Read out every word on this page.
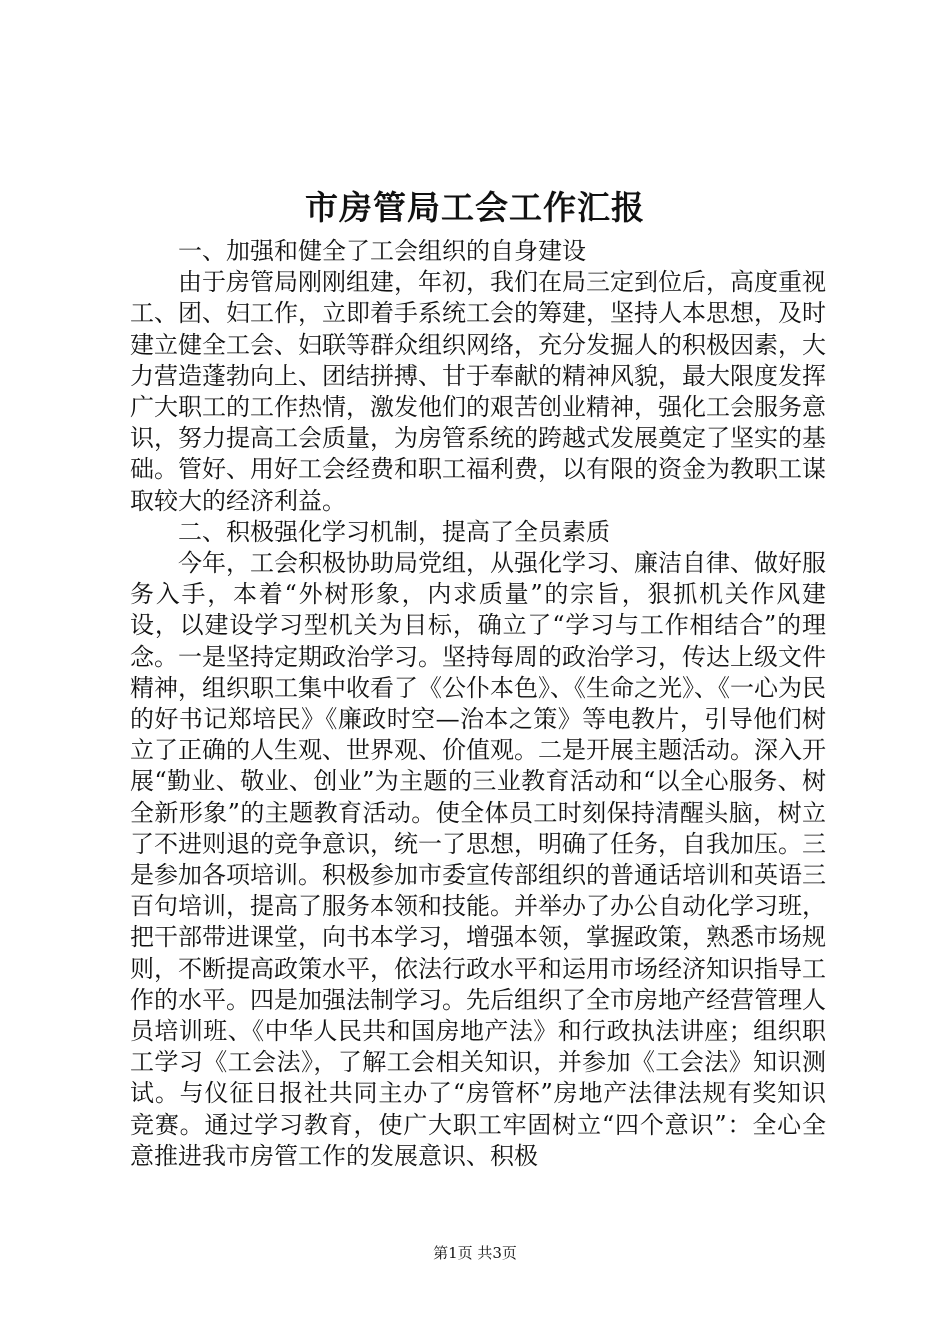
市房管局工会工作汇报

一、加强和健全了工会组织的自身建设

由于房管局刚刚组建，年初，我们在局三定到位后，高度重视工、团、妇工作，立即着手系统工会的筹建，坚持人本思想，及时建立健全工会、妇联等群众组织网络，充分发掘人的积极因素，大力营造蓬勃向上、团结拼搏、甘于奉献的精神风貌，最大限度发挥广大职工的工作热情，激发他们的艰苦创业精神，强化工会服务意识，努力提高工会质量，为房管系统的跨越式发展奠定了坚实的基础。管好、用好工会经费和职工福利费，以有限的资金为教职工谋取较大的经济利益。

二、积极强化学习机制，提高了全员素质

今年，工会积极协助局党组，从强化学习、廉洁自律、做好服务入手，本着“外树形象，内求质量”的宗旨，狠抓机关作风建设，以建设学习型机关为目标，确立了“学习与工作相结合”的理念。一是坚持定期政治学习。坚持每周的政治学习，传达上级文件精神，组织职工集中收看了《公仆本色》、《生命之光》、《一心为民的好书记郑培民》《廉政时空—治本之策》等电教片，引导他们树立了正确的人生观、世界观、价值观。二是开展主题活动。深入开展“勤业、敬业、创业”为主题的三业教育活动和“以全心服务、树全新形象”的主题教育活动。使全体员工时刻保持清醒头脑，树立了不进则退的竞争意识，统一了思想，明确了任务，自我加压。三是参加各项培训。积极参加市委宣传部组织的普通话培训和英语三百句培训，提高了服务本领和技能。并举办了办公自动化学习班，把干部带进课堂，向书本学习，增强本领，掌握政策，熟悉市场规则，不断提高政策水平，依法行政水平和运用市场经济知识指导工作的水平。四是加强法制学习。先后组织了全市房地产经营管理人员培训班、《中华人民共和国房地产法》和行政执法讲座；组织职工学习《工会法》，了解工会相关知识，并参加《工会法》知识测试。与仪征日报社共同主办了“房管杯”房地产法律法规有奖知识竞赛。通过学习教育，使广大职工牢固树立“四个意识”：全心全意推进我市房管工作的发展意识、积极

第1页 共3页
